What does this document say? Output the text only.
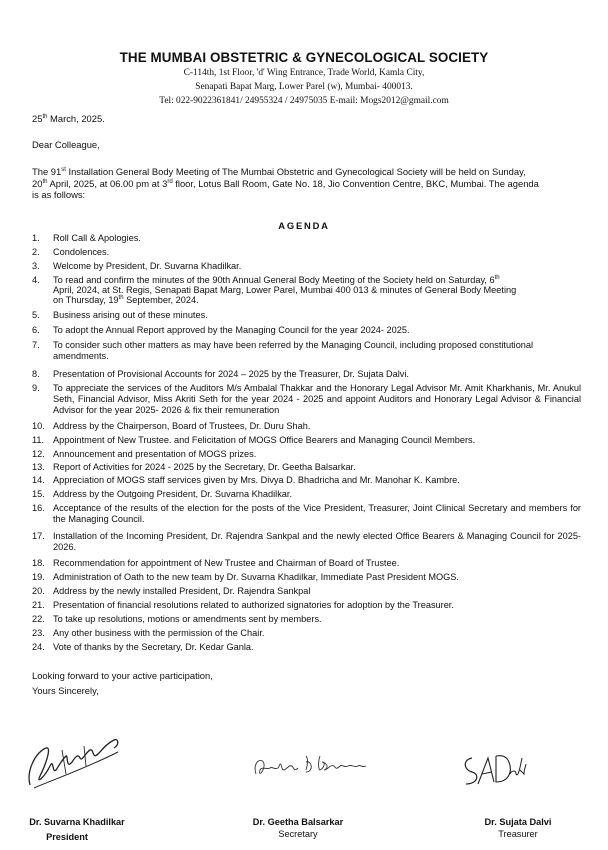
THE MUMBAI OBSTETRIC & GYNECOLOGICAL SOCIETY
C-114th, 1st Floor, 'd' Wing Entrance, Trade World, Kamla City,
Senapati Bapat Marg, Lower Parel (w), Mumbai- 400013.
Tel: 022-9022361841/ 24955324 / 24975035 E-mail: Mogs2012@gmail.com
25th March, 2025.
Dear Colleague,
The 91st Installation General Body Meeting of The Mumbai Obstetric and Gynecological Society will be held on Sunday,
20th April, 2025, at 06.00 pm at 3rd floor, Lotus Ball Room, Gate No. 18, Jio Convention Centre, BKC, Mumbai. The agenda
is as follows:
AGENDA
1.	Roll Call & Apologies.
2.	Condolences.
3.	Welcome by President, Dr. Suvarna Khadilkar.
4.	To read and confirm the minutes of the 90th Annual General Body Meeting of the Society held on Saturday, 6th
April, 2024, at St. Regis, Senapati Bapat Marg, Lower Parel, Mumbai 400 013 & minutes of General Body Meeting
on Thursday, 19th September, 2024.
5.	Business arising out of these minutes.
6.	To adopt the Annual Report approved by the Managing Council for the year 2024- 2025.
7.	To consider such other matters as may have been referred by the Managing Council, including proposed constitutional amendments.
8.	Presentation of Provisional Accounts for 2024 – 2025 by the Treasurer, Dr. Sujata Dalvi.
9.	To appreciate the services of the Auditors M/s Ambalal Thakkar and the Honorary Legal Advisor Mr. Amit Kharkhanis, Mr. Anukul Seth, Financial Advisor, Miss Akriti Seth for the year 2024 - 2025 and appoint Auditors and Honorary Legal Advisor & Financial Advisor for the year 2025- 2026 & fix their remuneration
10. Address by the Chairperson, Board of Trustees, Dr. Duru Shah.
11. Appointment of New Trustee. and Felicitation of MOGS Office Bearers and Managing Council Members.
12. Announcement and presentation of MOGS prizes.
13. Report of Activities for 2024 - 2025 by the Secretary, Dr. Geetha Balsarkar.
14. Appreciation of MOGS staff services given by Mrs. Divya D. Bhadricha and Mr. Manohar K. Kambre.
15. Address by the Outgoing President, Dr. Suvarna Khadilkar.
16. Acceptance of the results of the election for the posts of the Vice President, Treasurer, Joint Clinical Secretary and members for the Managing Council.
17. Installation of the Incoming President, Dr. Rajendra Sankpal and the newly elected Office Bearers & Managing Council for 2025-2026.
18. Recommendation for appointment of New Trustee and Chairman of Board of Trustee.
19. Administration of Oath to the new team by Dr. Suvarna Khadilkar, Immediate Past President MOGS.
20. Address by the newly installed President, Dr. Rajendra Sankpal
21. Presentation of financial resolutions related to authorized signatories for adoption by the Treasurer.
22. To take up resolutions, motions or amendments sent by members.
23. Any other business with the permission of the Chair.
24. Vote of thanks by the Secretary, Dr. Kedar Ganla.
Looking forward to your active participation,
Yours Sincerely,
Dr. Suvarna Khadilkar
President
Dr. Geetha Balsarkar
Secretary
Dr. Sujata Dalvi
Treasurer
